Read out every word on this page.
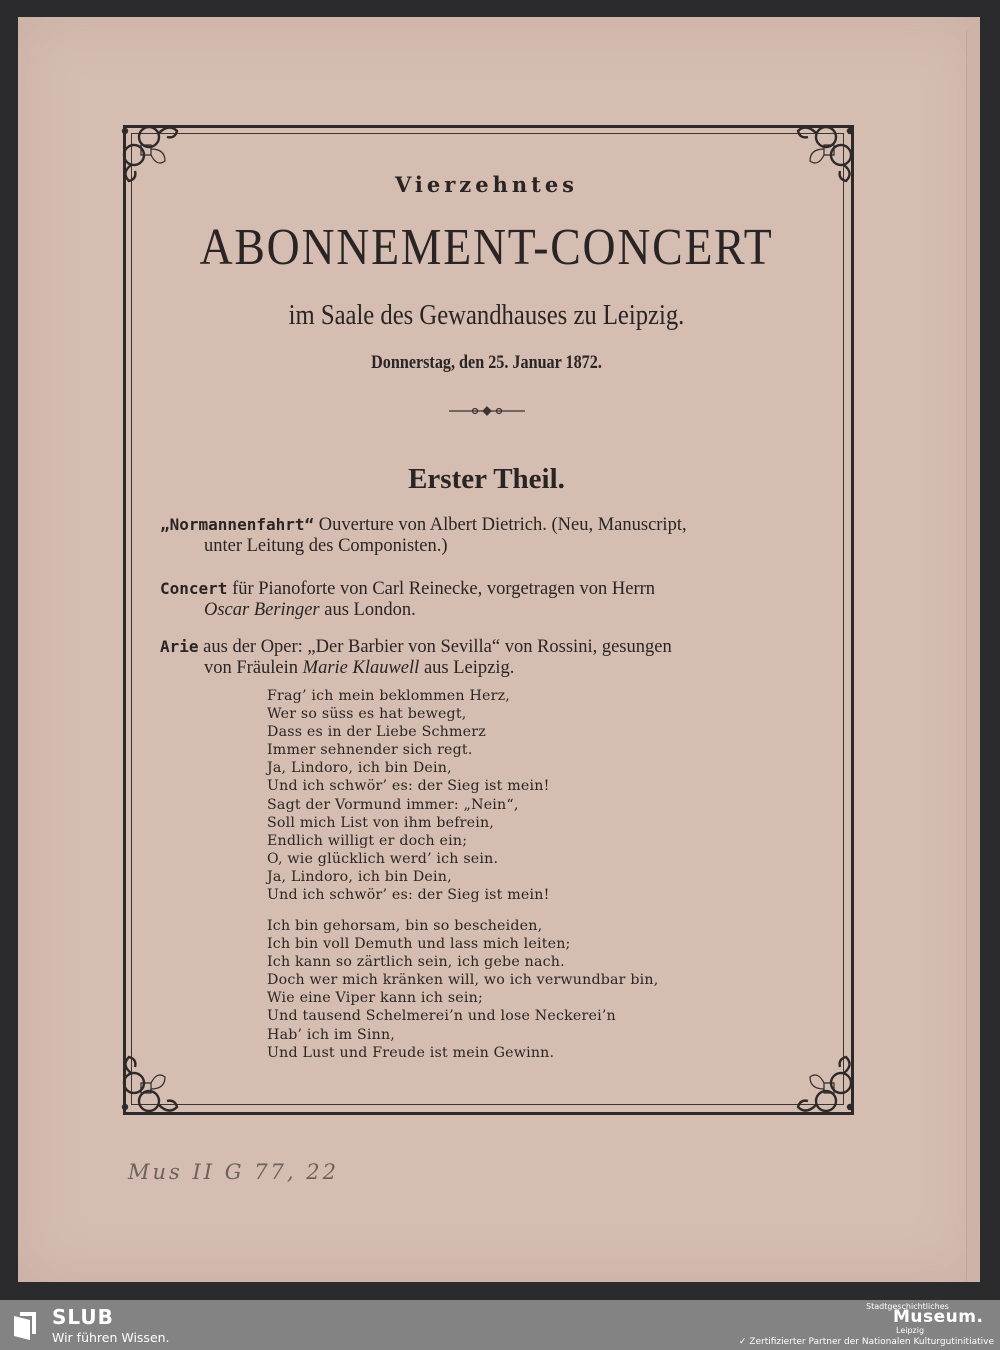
Vierzehntes
ABONNEMENT-CONCERT
im Saale des Gewandhauses zu Leipzig.
Donnerstag, den 25. Januar 1872.
Erster Theil.
„Normannenfahrt“ Ouverture von Albert Dietrich. (Neu, Manuscript,
unter Leitung des Componisten.)
Concert für Pianoforte von Carl Reinecke, vorgetragen von Herrn
Oscar Beringer aus London.
Arie aus der Oper: „Der Barbier von Sevilla“ von Rossini, gesungen
von Fräulein Marie Klauwell aus Leipzig.
Frag’ ich mein beklommen Herz,
Wer so süss es hat bewegt,
Dass es in der Liebe Schmerz
Immer sehnender sich regt.
Ja, Lindoro, ich bin Dein,
Und ich schwör’ es: der Sieg ist mein!
Sagt der Vormund immer: „Nein“,
Soll mich List von ihm befrein,
Endlich willigt er doch ein;
O, wie glücklich werd’ ich sein.
Ja, Lindoro, ich bin Dein,
Und ich schwör’ es: der Sieg ist mein!
Ich bin gehorsam, bin so bescheiden,
Ich bin voll Demuth und lass mich leiten;
Ich kann so zärtlich sein, ich gebe nach.
Doch wer mich kränken will, wo ich verwundbar bin,
Wie eine Viper kann ich sein;
Und tausend Schelmerei’n und lose Neckerei’n
Hab’ ich im Sinn,
Und Lust und Freude ist mein Gewinn.
Mus II G 77, 22
SLUB
Wir führen Wissen.
Stadtgeschichtliches
Museum.
Leipzig
✓ Zertifizierter Partner der Nationalen Kulturgutinitiative
